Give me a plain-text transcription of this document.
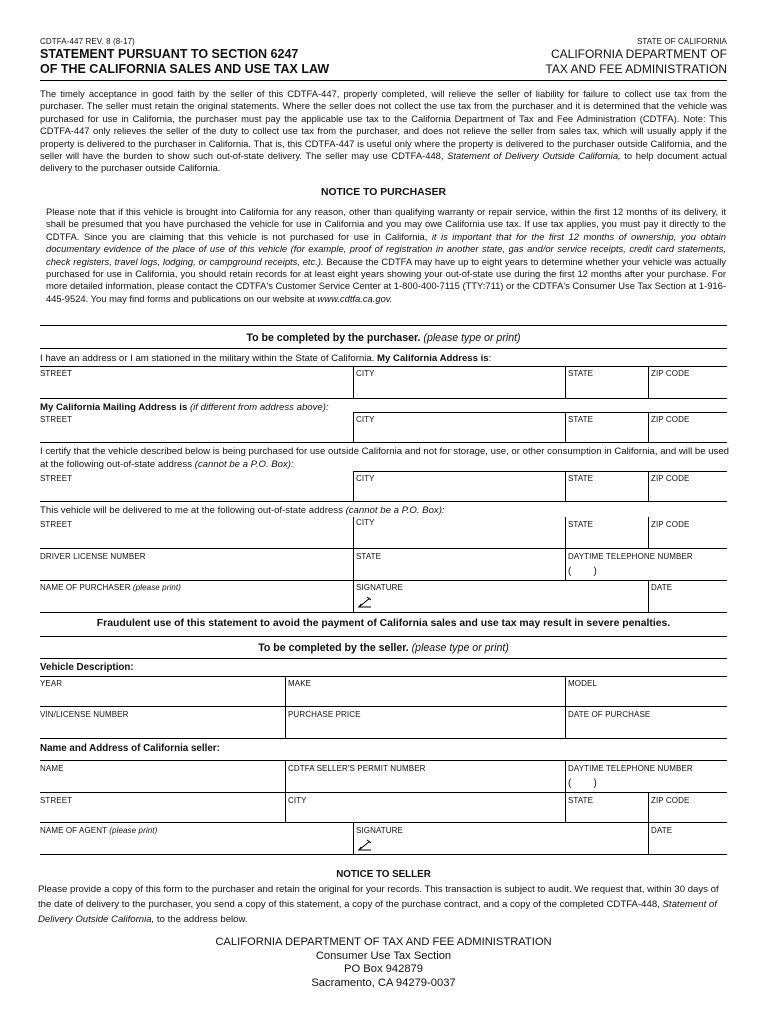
CDTFA-447 REV. 8 (8-17)	STATE OF CALIFORNIA
STATEMENT PURSUANT TO SECTION 6247
OF THE CALIFORNIA SALES AND USE TAX LAW
CALIFORNIA DEPARTMENT OF
TAX AND FEE ADMINISTRATION
The timely acceptance in good faith by the seller of this CDTFA-447, properly completed, will relieve the seller of liability for failure to collect use tax from the purchaser. The seller must retain the original statements. Where the seller does not collect the use tax from the purchaser and it is determined that the vehicle was purchased for use in California, the purchaser must pay the applicable use tax to the California Department of Tax and Fee Administration (CDTFA). Note: This CDTFA-447 only relieves the seller of the duty to collect use tax from the purchaser, and does not relieve the seller from sales tax, which will usually apply if the property is delivered to the purchaser in California. That is, this CDTFA-447 is useful only where the property is delivered to the purchaser outside California, and the seller will have the burden to show such out-of-state delivery. The seller may use CDTFA-448, Statement of Delivery Outside California, to help document actual delivery to the purchaser outside California.
NOTICE TO PURCHASER
Please note that if this vehicle is brought into California for any reason, other than qualifying warranty or repair service, within the first 12 months of its delivery, it shall be presumed that you have purchased the vehicle for use in California and you may owe California use tax. If use tax applies, you must pay it directly to the CDTFA. Since you are claiming that this vehicle is not purchased for use in California, it is important that for the first 12 months of ownership, you obtain documentary evidence of the place of use of this vehicle (for example, proof of registration in another state, gas and/or service receipts, credit card statements, check registers, travel logs, lodging, or campground receipts, etc.). Because the CDTFA may have up to eight years to determine whether your vehicle was actually purchased for use in California, you should retain records for at least eight years showing your out-of-state use during the first 12 months after your purchase. For more detailed information, please contact the CDTFA's Customer Service Center at 1-800-400-7115 (TTY:711) or the CDTFA's Consumer Use Tax Section at 1-916-445-9524. You may find forms and publications on our website at www.cdtfa.ca.gov.
To be completed by the purchaser. (please type or print)
I have an address or I am stationed in the military within the State of California. My California Address is:
STREET	CITY	STATE	ZIP CODE
My California Mailing Address is (if different from address above):
STREET	CITY	STATE	ZIP CODE
I certify that the vehicle described below is being purchased for use outside California and not for storage, use, or other consumption in California, and will be used at the following out-of-state address (cannot be a P.O. Box):
STREET	CITY	STATE	ZIP CODE
This vehicle will be delivered to me at the following out-of-state address (cannot be a P.O. Box):
STREET	CITY	STATE	ZIP CODE
DRIVER LICENSE NUMBER	STATE	DAYTIME TELEPHONE NUMBER
(        )
NAME OF PURCHASER (please print)	SIGNATURE	DATE
Fraudulent use of this statement to avoid the payment of California sales and use tax may result in severe penalties.
To be completed by the seller. (please type or print)
Vehicle Description:
YEAR	MAKE	MODEL
VIN/LICENSE NUMBER	PURCHASE PRICE	DATE OF PURCHASE
Name and Address of California seller:
NAME	CDTFA SELLER'S PERMIT NUMBER	DAYTIME TELEPHONE NUMBER
(        )
STREET	CITY	STATE	ZIP CODE
NAME OF AGENT (please print)	SIGNATURE	DATE
NOTICE TO SELLER
Please provide a copy of this form to the purchaser and retain the original for your records. This transaction is subject to audit. We request that, within 30 days of the date of delivery to the purchaser, you send a copy of this statement, a copy of the purchase contract, and a copy of the completed CDTFA-448, Statement of Delivery Outside California, to the address below.
CALIFORNIA DEPARTMENT OF TAX AND FEE ADMINISTRATION
Consumer Use Tax Section
PO Box 942879
Sacramento, CA 94279-0037
